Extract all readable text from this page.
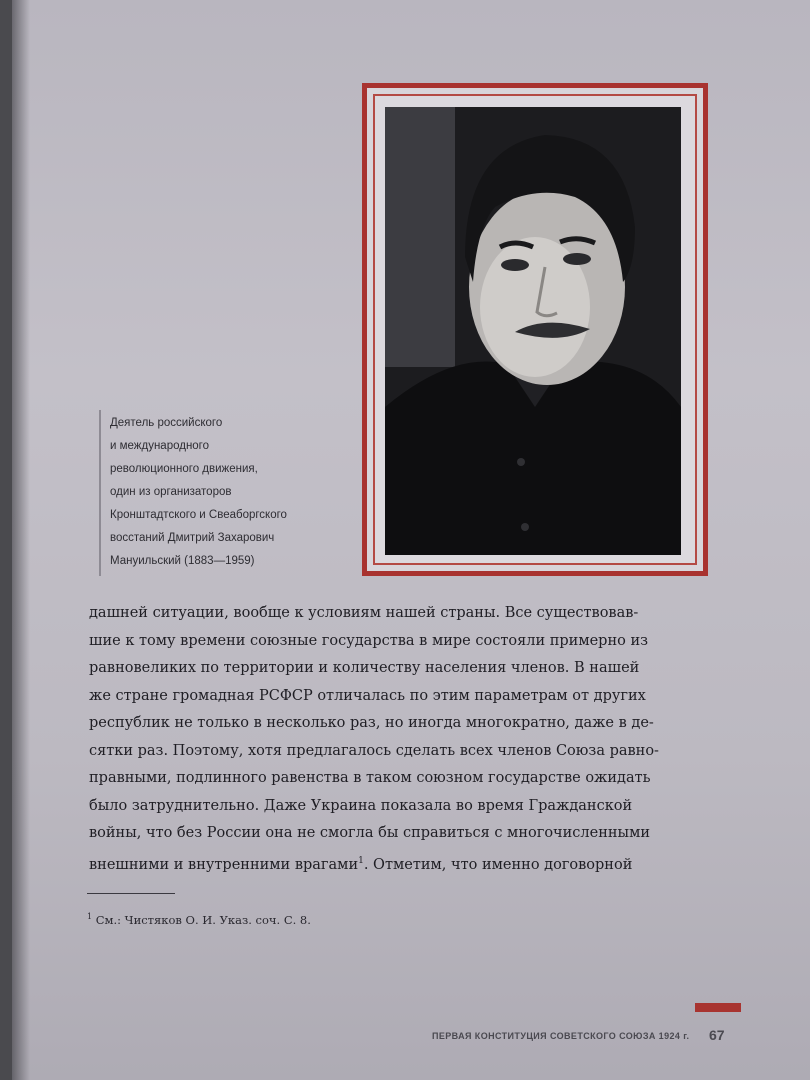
Деятель российского
и международного
революционного движения,
один из организаторов
Кронштадтского и Свеаборгского
восстаний Дмитрий Захарович
Мануильский (1883—1959)
дашней ситуации, вообще к условиям нашей страны. Все существовав-
шие к тому времени союзные государства в мире состояли примерно из
равновеликих по территории и количеству населения членов. В нашей
же стране громадная РСФСР отличалась по этим параметрам от других
республик не только в несколько раз, но иногда многократно, даже в де-
сятки раз. Поэтому, хотя предлагалось сделать всех членов Союза равно-
правными, подлинного равенства в таком союзном государстве ожидать
было затруднительно. Даже Украина показала во время Гражданской
войны, что без России она не смогла бы справиться с многочисленными
внешними и внутренними врагами$^1$. Отметим, что именно договорной
$^1$ См.: Чистяков О. И. Указ. соч. С. 8.
ПЕРВАЯ КОНСТИТУЦИЯ СОВЕТСКОГО СОЮЗА 1924 г. 67
